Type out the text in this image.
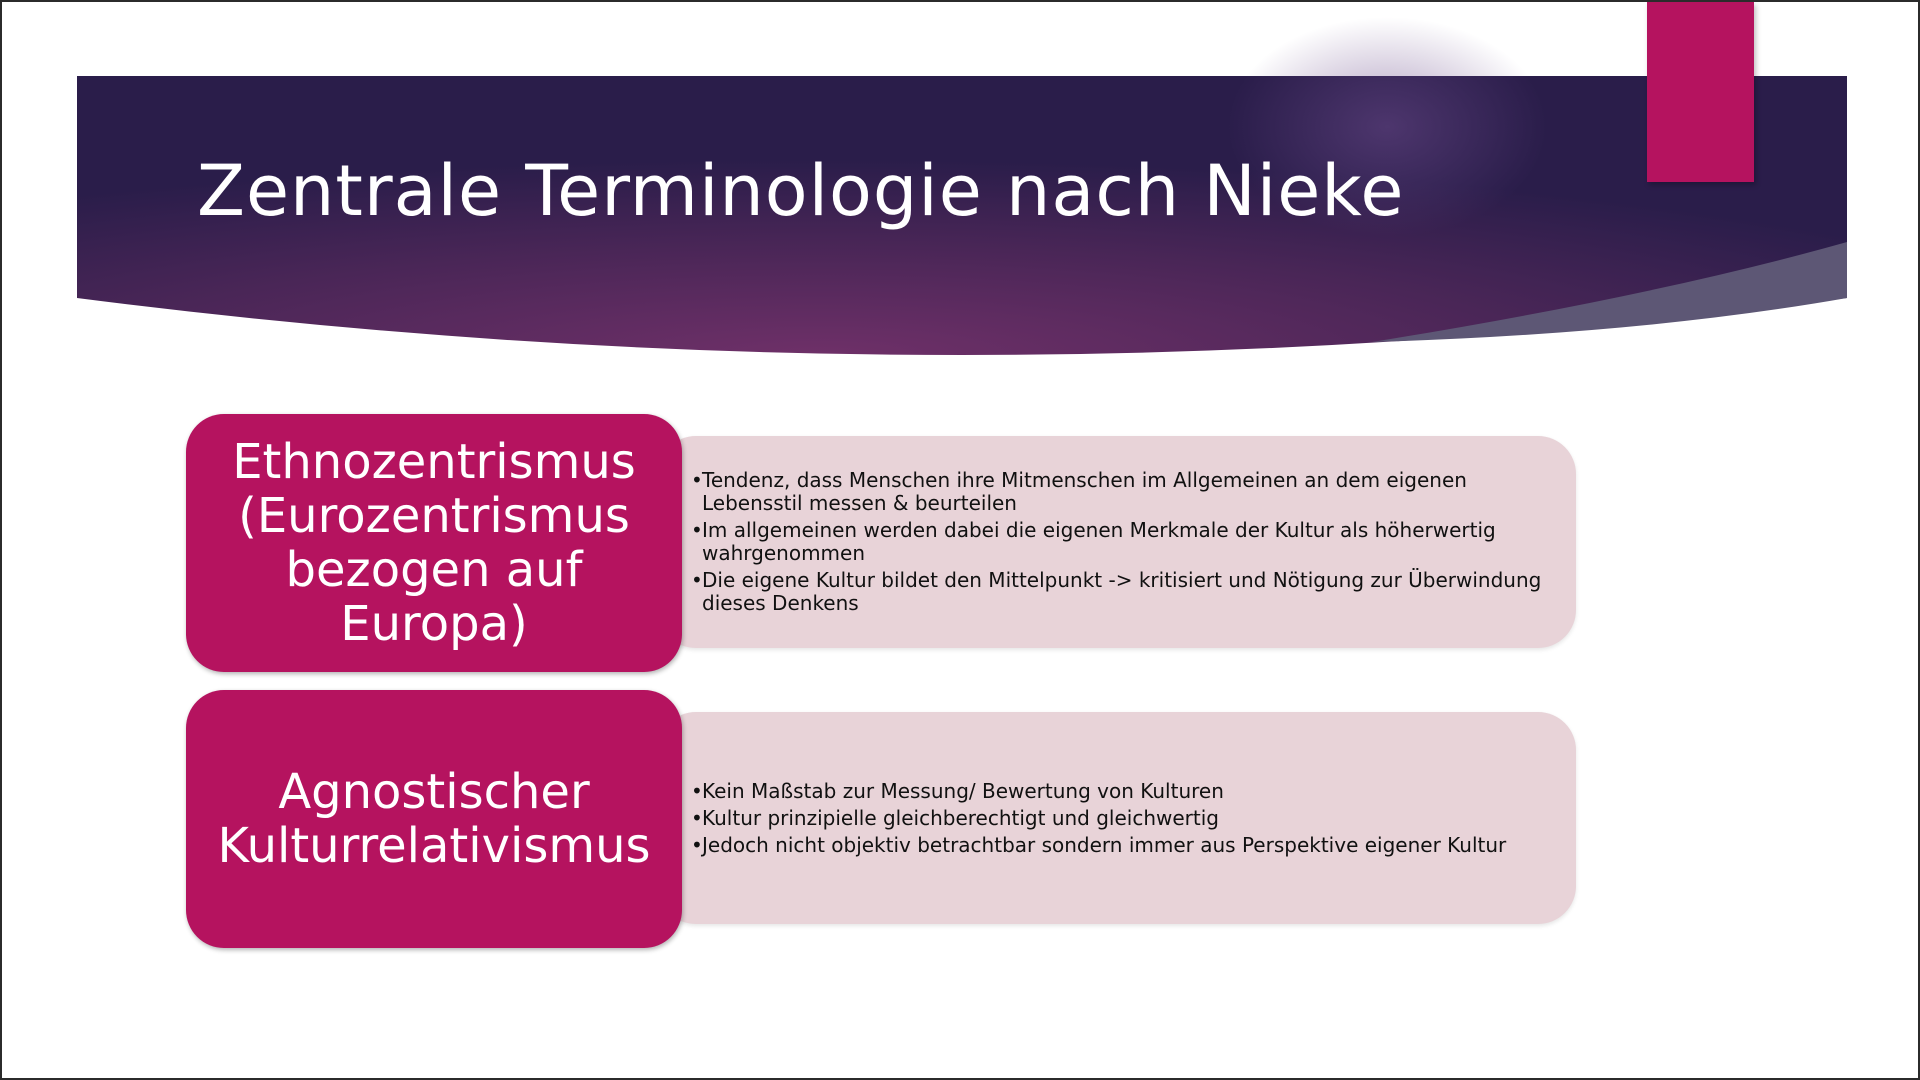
Zentrale Terminologie nach Nieke
• Tendenz, dass Menschen ihre Mitmenschen im Allgemeinen an dem eigenen Lebensstil messen & beurteilen
• Im allgemeinen werden dabei die eigenen Merkmale der Kultur als höherwertig wahrgenommen
• Die eigene Kultur bildet den Mittelpunkt -> kritisiert und Nötigung zur Überwindung dieses Denkens
Ethnozentrismus (Eurozentrismus bezogen auf Europa)
• Kein Maßstab zur Messung/ Bewertung von Kulturen
• Kultur prinzipielle gleichberechtigt und gleichwertig
• Jedoch nicht objektiv betrachtbar sondern immer aus Perspektive eigener Kultur
Agnostischer Kulturrelativismus
